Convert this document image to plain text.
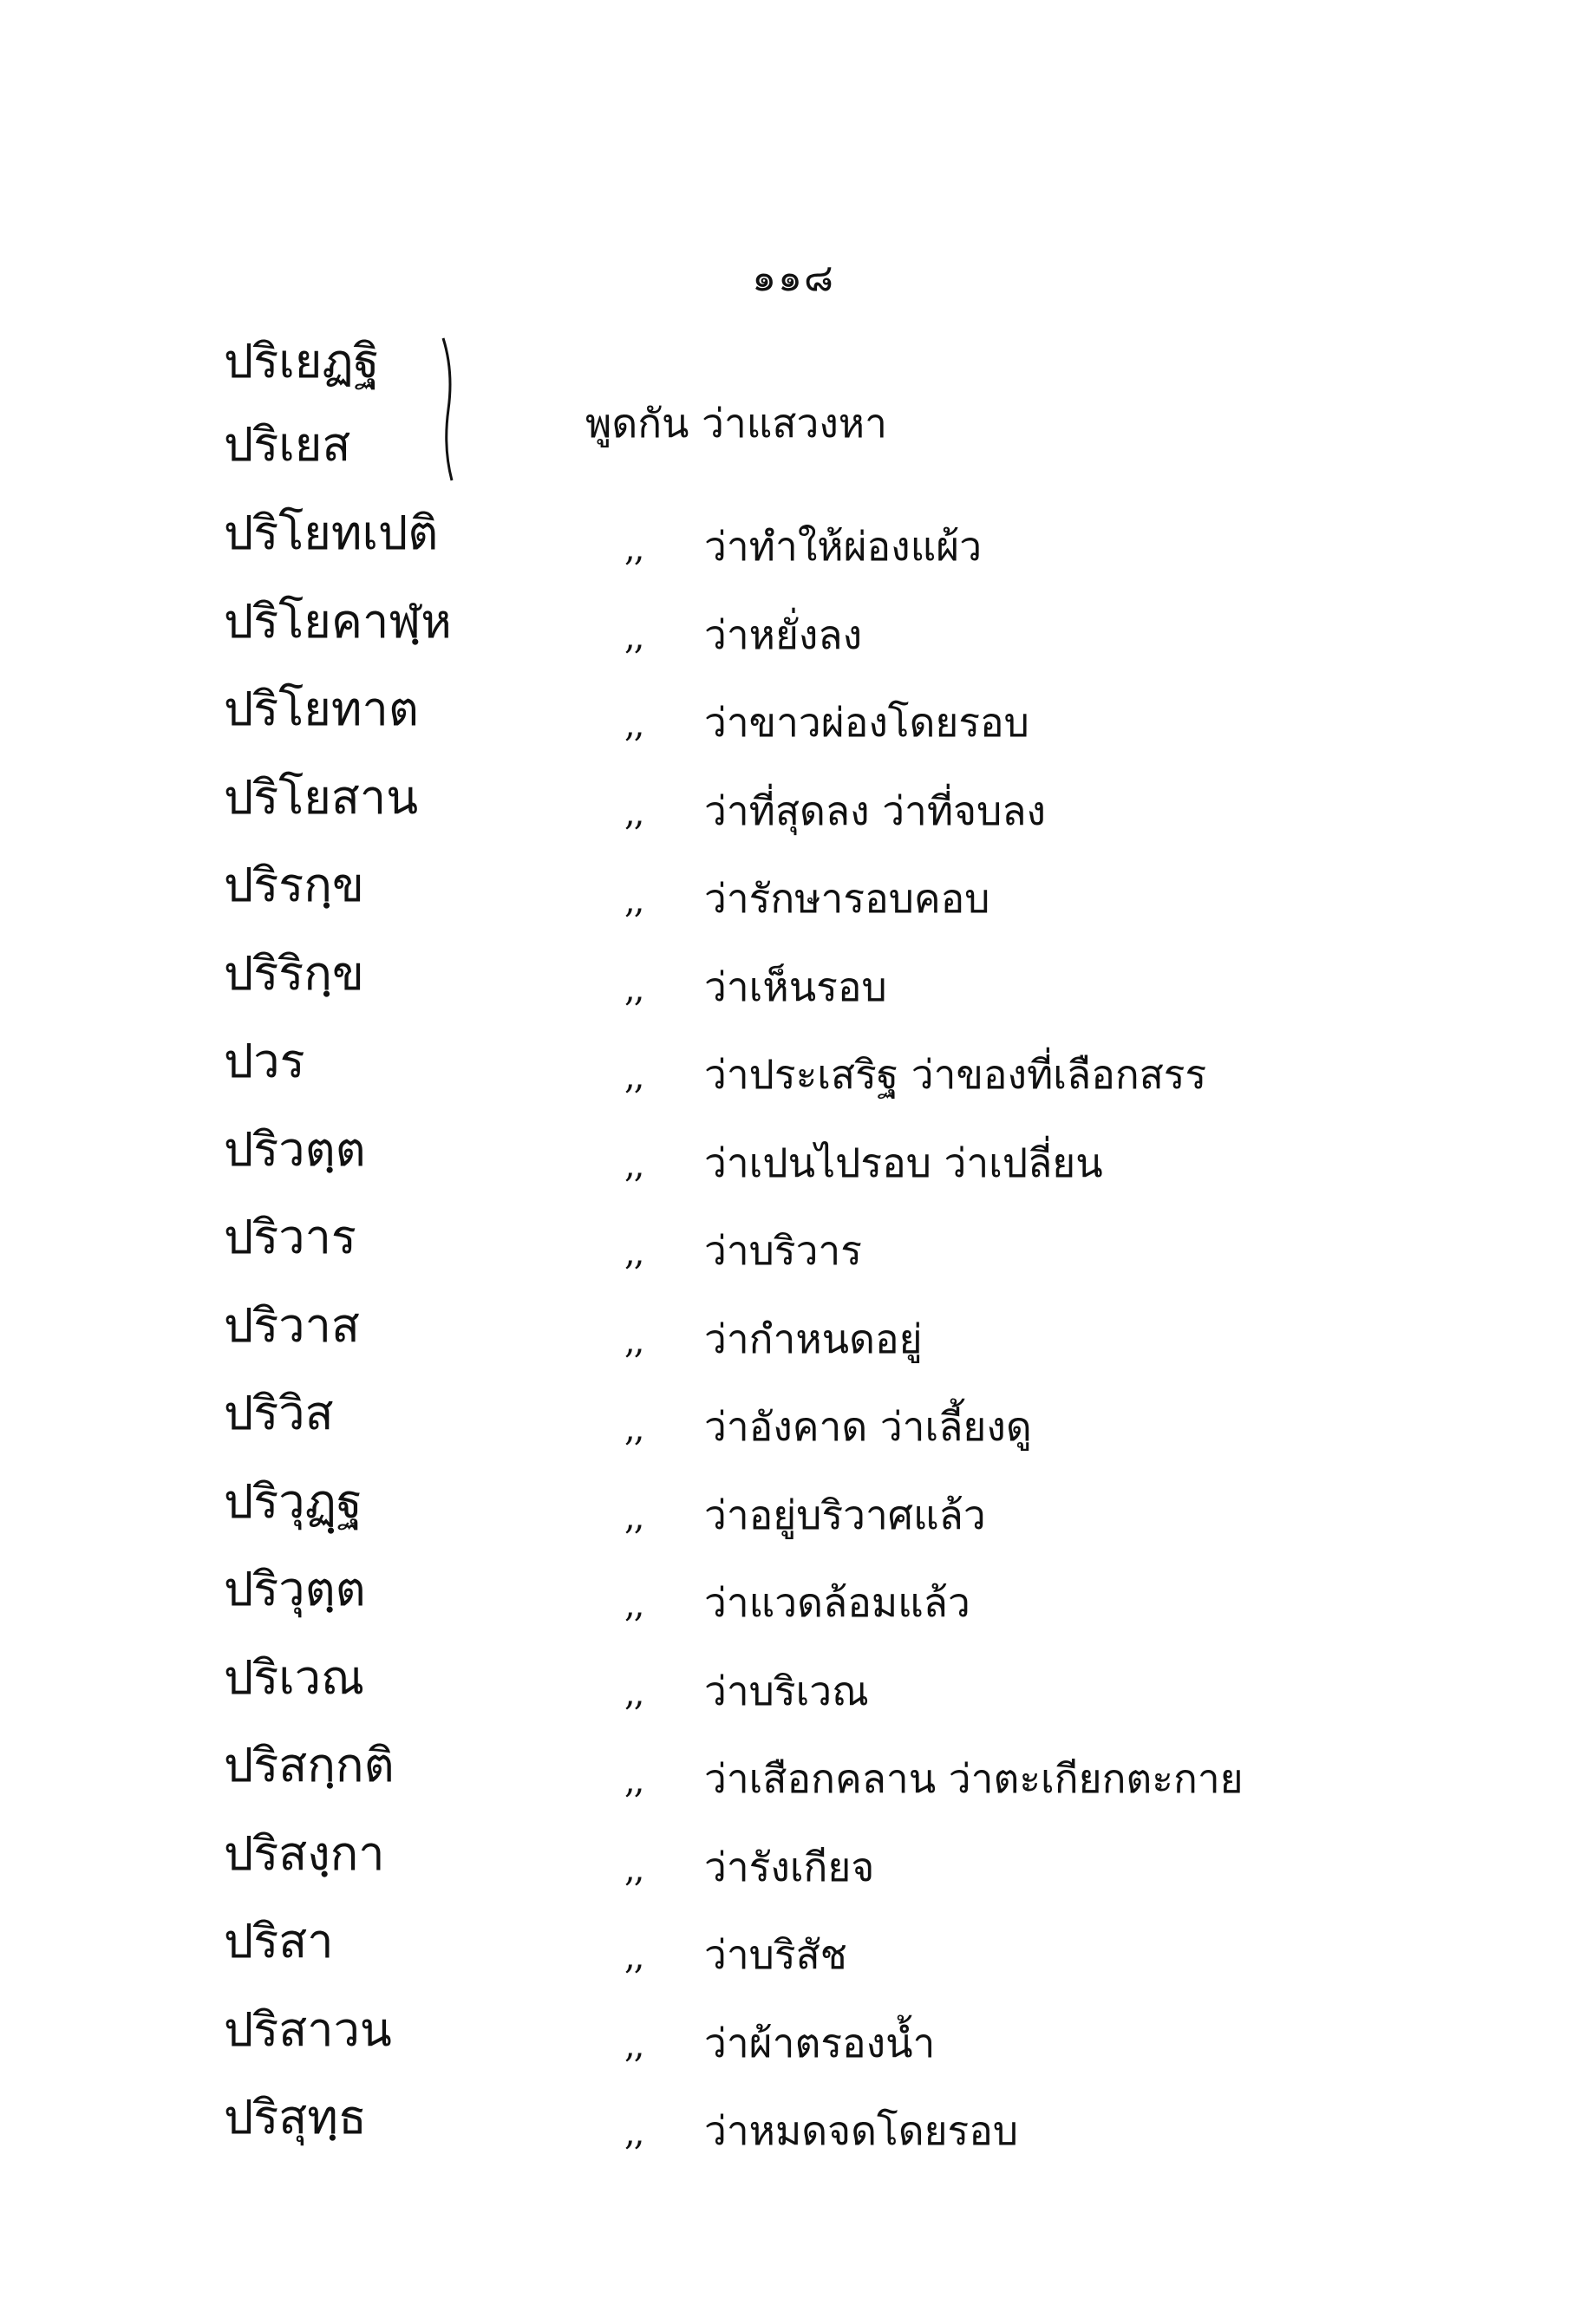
๑๑๘
ปริเยฏฐิ
ปริเยส	พูดกัน ว่าแสวงหา
ปริโยทเปติ	,, ว่าทำให้ผ่องแผ้ว
ปริโยคาฬฺห	,, ว่าหยั่งลง
ปริโยทาต	,, ว่าขาวผ่องโดยรอบ
ปริโยสาน	,, ว่าที่สุดลง ว่าที่จบลง
ปริรกฺข	,, ว่ารักษารอบคอบ
ปริริกฺข	,, ว่าเห็นรอบ
ปวร	,, ว่าประเสริฐ ว่าของที่เลือกสรร
ปริวตฺต	,, ว่าเปนไปรอบ ว่าเปลี่ยน
ปริวาร	,, ว่าบริวาร
ปริวาส	,, ว่ากำหนดอยู่
ปริวิส	,, ว่าอังคาด ว่าเลี้ยงดู
ปริวุฏฺฐ	,, ว่าอยู่บริวาศแล้ว
ปริวุตฺต	,, ว่าแวดล้อมแล้ว
ปริเวณ	,, ว่าบริเวณ
ปริสกฺกติ	,, ว่าเสือกคลาน ว่าตะเกียกตะกาย
ปริสงฺกา	,, ว่ารังเกียจ
ปริสา	,, ว่าบริสัช
ปริสาวน	,, ว่าผ้าตรองน้ำ
ปริสุทฺธ	,, ว่าหมดจดโดยรอบ
